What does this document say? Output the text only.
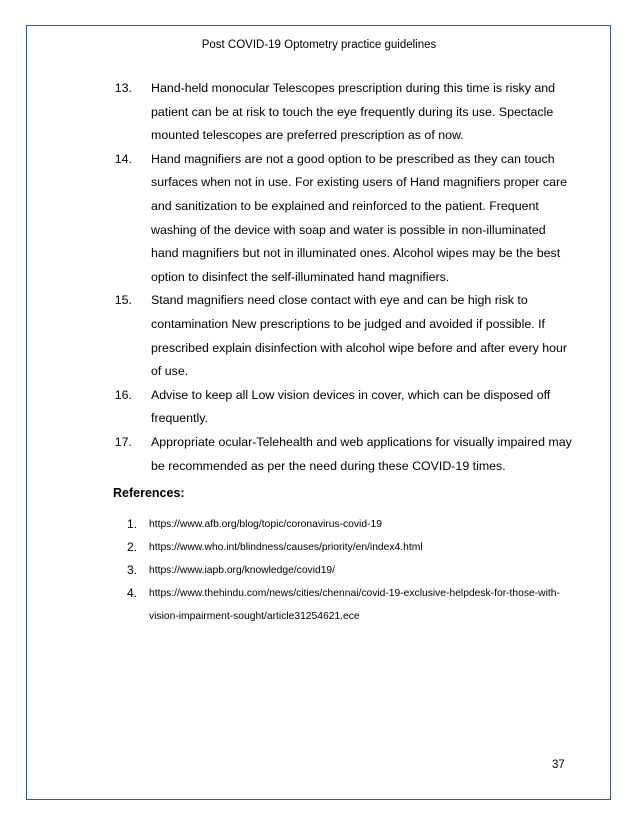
Post COVID-19 Optometry practice guidelines
13. Hand-held monocular Telescopes prescription during this time is risky and patient can be at risk to touch the eye frequently during its use. Spectacle mounted telescopes are preferred prescription as of now.
14. Hand magnifiers are not a good option to be prescribed as they can touch surfaces when not in use. For existing users of Hand magnifiers proper care and sanitization to be explained and reinforced to the patient. Frequent washing of the device with soap and water is possible in non-illuminated hand magnifiers but not in illuminated ones. Alcohol wipes may be the best option to disinfect the self-illuminated hand magnifiers.
15. Stand magnifiers need close contact with eye and can be high risk to contamination New prescriptions to be judged and avoided if possible. If prescribed explain disinfection with alcohol wipe before and after every hour of use.
16. Advise to keep all Low vision devices in cover, which can be disposed off frequently.
17. Appropriate ocular-Telehealth and web applications for visually impaired may be recommended as per the need during these COVID-19 times.
References:
1. https://www.afb.org/blog/topic/coronavirus-covid-19
2. https://www.who.int/blindness/causes/priority/en/index4.html
3. https://www.iapb.org/knowledge/covid19/
4. https://www.thehindu.com/news/cities/chennai/covid-19-exclusive-helpdesk-for-those-with-vision-impairment-sought/article31254621.ece
37
